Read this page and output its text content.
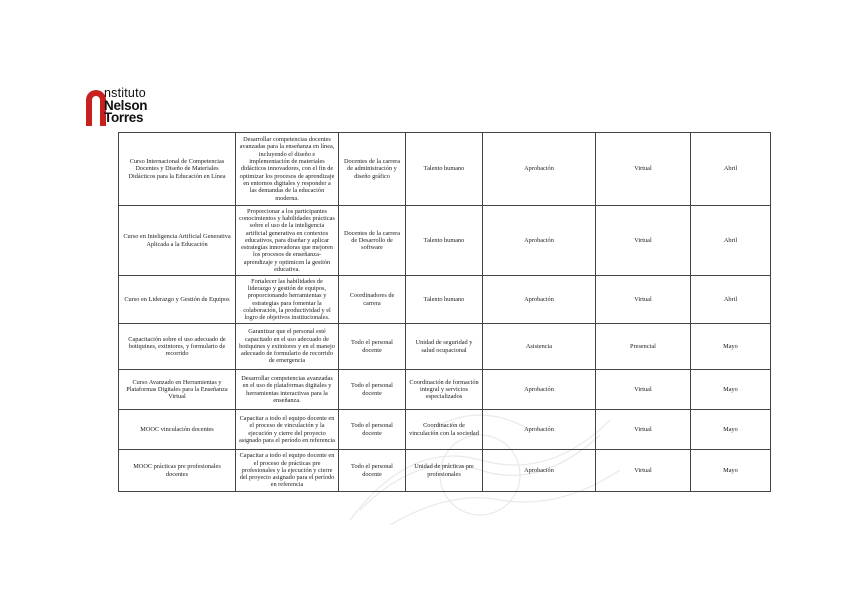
nstituto
Nelson
Torres
Curso Internacional de Competencias Docentes y Diseño de Materiales Didácticos para la Educación en Línea	Desarrollar competencias docentes avanzadas para la enseñanza en línea, incluyendo el diseño e implementación de materiales didácticos innovadores, con el fin de optimizar los procesos de aprendizaje en entornos digitales y responder a las demandas de la educación moderna.	Docentes de la carrera de administración y diseño gráfico	Talento humano	Aprobación	Virtual	Abril
Curso en Inteligencia Artificial Generativa Aplicada a la Educación	Proporcionar a los participantes conocimientos y habilidades prácticas sobre el uso de la inteligencia artificial generativa en contextos educativos, para diseñar y aplicar estrategias innovadoras que mejoren los procesos de enseñanza-aprendizaje y optimicen la gestión educativa.	Docentes de la carrera de Desarrollo de software	Talento humano	Aprobación	Virtual	Abril
Curso en Liderazgo y Gestión de Equipos	Fortalecer las habilidades de liderazgo y gestión de equipos, proporcionando herramientas y estrategias para fomentar la colaboración, la productividad y el logro de objetivos institucionales.	Coordinadores de carrera	Talento humano	Aprobación	Virtual	Abril
Capacitación sobre el uso adecuado de botiquines, extintores, y formulario de recorrido	Garantizar que el personal esté capacitado en el uso adecuado de botiquines y extintores y en el manejo adecuado de formulario de recorrido de emergencia	Todo el personal docente	Unidad de seguridad y salud ocupacional	Asistencia	Presencial	Mayo
Curso Avanzado en Herramientas y Plataformas Digitales para la Enseñanza Virtual	Desarrollar competencias avanzadas en el uso de plataformas digitales y herramientas interactivas para la enseñanza.	Todo el personal docente	Coordinación de formación integral y servicios especializados	Aprobación	Virtual	Mayo
MOOC vinculación docentes	Capacitar a todo el equipo docente en el proceso de vinculación y la ejecución y cierre del proyecto asignado para el período en referencia	Todo el personal docente	Coordinación de vinculación con la sociedad	Aprobación	Virtual	Mayo
MOOC prácticas pre profesionales docentes	Capacitar a todo el equipo docente en el proceso de prácticas pre profesionales y la ejecución y cierre del proyecto asignado para el período en referencia	Todo el personal docente	Unidad de prácticas pre profesionales	Aprobación	Virtual	Mayo
